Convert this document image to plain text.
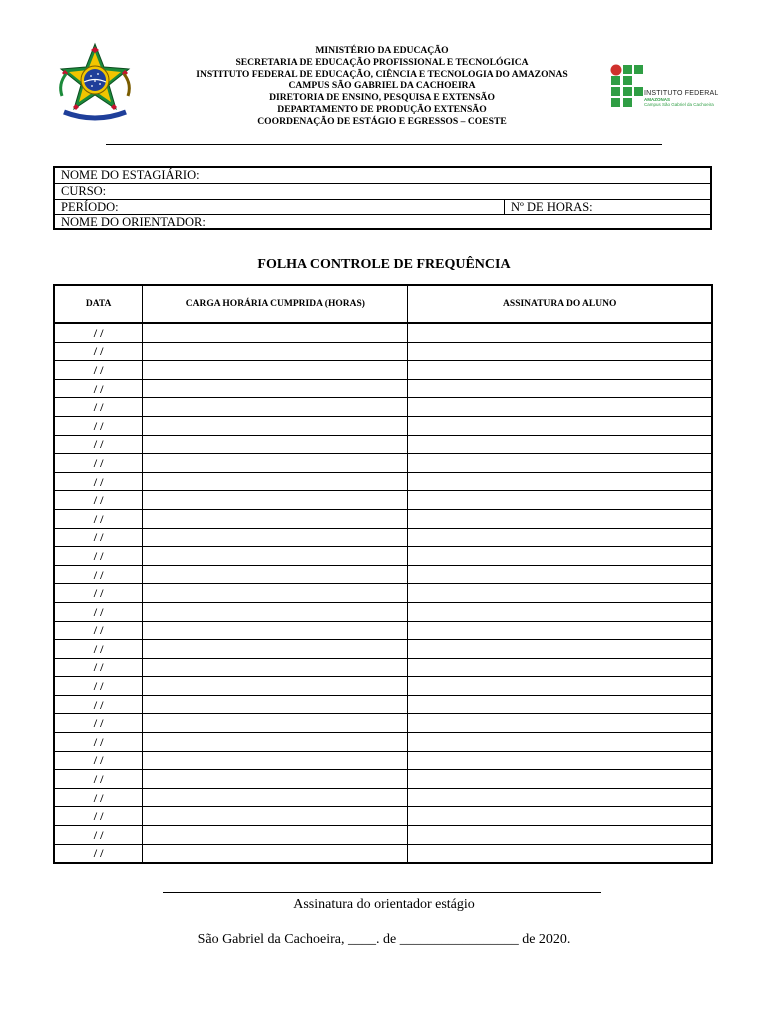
INSTITUTO FEDERAL
AMAZONAS
Campus São Gabriel da Cachoeira
MINISTÉRIO DA EDUCAÇÃO
SECRETARIA DE EDUCAÇÃO PROFISSIONAL E TECNOLÓGICA
INSTITUTO FEDERAL DE EDUCAÇÃO, CIÊNCIA E TECNOLOGIA DO AMAZONAS
CAMPUS SÃO GABRIEL DA CACHOEIRA
DIRETORIA DE ENSINO, PESQUISA E EXTENSÃO
DEPARTAMENTO DE PRODUÇÃO EXTENSÃO
COORDENAÇÃO DE ESTÁGIO E EGRESSOS – COESTE
NOME DO ESTAGIÁRIO:
CURSO:
PERÍODO:	Nº DE HORAS:
NOME DO ORIENTADOR:
FOLHA CONTROLE DE FREQUÊNCIA
DATA	CARGA HORÁRIA CUMPRIDA (HORAS)	ASSINATURA DO ALUNO
/ /		
/ /		
/ /		
/ /		
/ /		
/ /		
/ /		
/ /		
/ /		
/ /		
/ /		
/ /		
/ /		
/ /		
/ /		
/ /		
/ /		
/ /		
/ /		
/ /		
/ /		
/ /		
/ /		
/ /		
/ /		
/ /		
/ /		
/ /		
/ /		
Assinatura do orientador estágio
São Gabriel da Cachoeira, ____. de _________________ de 2020.
